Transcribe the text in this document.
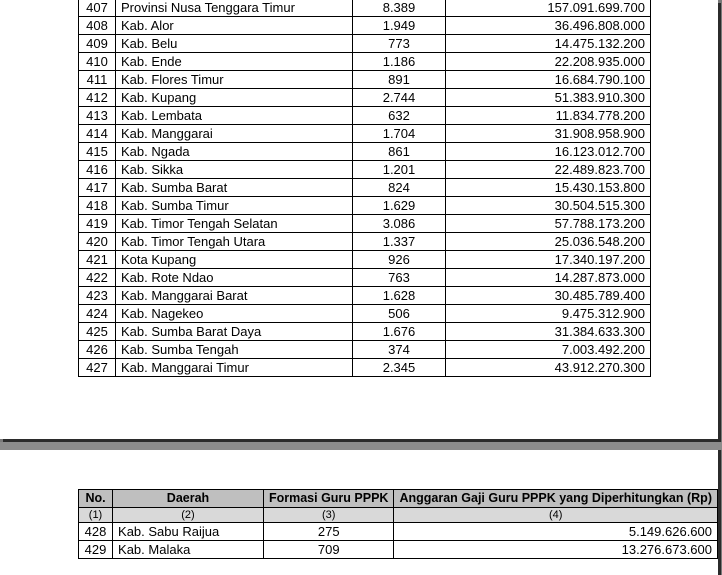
407	Provinsi Nusa Tenggara Timur	8.389	157.091.699.700
408	Kab. Alor	1.949	36.496.808.000
409	Kab. Belu	773	14.475.132.200
410	Kab. Ende	1.186	22.208.935.000
411	Kab. Flores Timur	891	16.684.790.100
412	Kab. Kupang	2.744	51.383.910.300
413	Kab. Lembata	632	11.834.778.200
414	Kab. Manggarai	1.704	31.908.958.900
415	Kab. Ngada	861	16.123.012.700
416	Kab. Sikka	1.201	22.489.823.700
417	Kab. Sumba Barat	824	15.430.153.800
418	Kab. Sumba Timur	1.629	30.504.515.300
419	Kab. Timor Tengah Selatan	3.086	57.788.173.200
420	Kab. Timor Tengah Utara	1.337	25.036.548.200
421	Kota Kupang	926	17.340.197.200
422	Kab. Rote Ndao	763	14.287.873.000
423	Kab. Manggarai Barat	1.628	30.485.789.400
424	Kab. Nagekeo	506	9.475.312.900
425	Kab. Sumba Barat Daya	1.676	31.384.633.300
426	Kab. Sumba Tengah	374	7.003.492.200
427	Kab. Manggarai Timur	2.345	43.912.270.300
No.	Daerah	Formasi Guru PPPK	Anggaran Gaji Guru PPPK yang Diperhitungkan (Rp)
(1)	(2)	(3)	(4)
428	Kab. Sabu Raijua	275	5.149.626.600
429	Kab. Malaka	709	13.276.673.600
